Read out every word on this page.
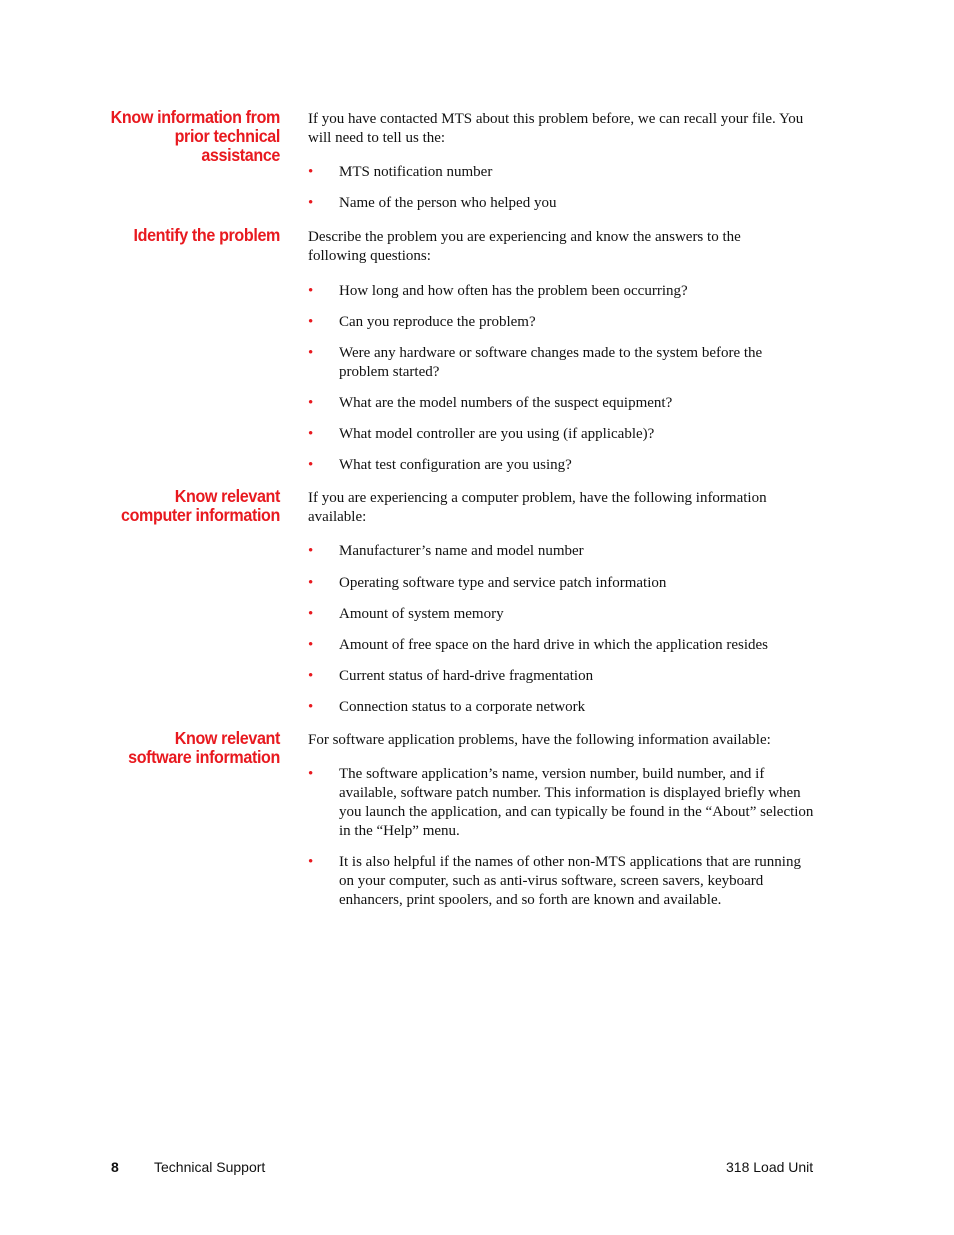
Know information from
prior technical
assistance

If you have contacted MTS about this problem before, we can recall your file. You will need to tell us the:

• MTS notification number
• Name of the person who helped you
Identify the problem Describe the problem you are experiencing and know the answers to the following questions:

• How long and how often has the problem been occurring?
• Can you reproduce the problem?
• Were any hardware or software changes made to the system before the problem started?
• What are the model numbers of the suspect equipment?
• What model controller are you using (if applicable)?
• What test configuration are you using?
Know relevant
computer information

If you are experiencing a computer problem, have the following information available:

• Manufacturer’s name and model number
• Operating software type and service patch information
• Amount of system memory
• Amount of free space on the hard drive in which the application resides
• Current status of hard-drive fragmentation
• Connection status to a corporate network
Know relevant
software information

For software application problems, have the following information available:

• The software application’s name, version number, build number, and if available, software patch number. This information is displayed briefly when you launch the application, and can typically be found in the “About” selection in the “Help” menu.
• It is also helpful if the names of other non-MTS applications that are running on your computer, such as anti-virus software, screen savers, keyboard enhancers, print spoolers, and so forth are known and available.
8	Technical Support	318 Load Unit
